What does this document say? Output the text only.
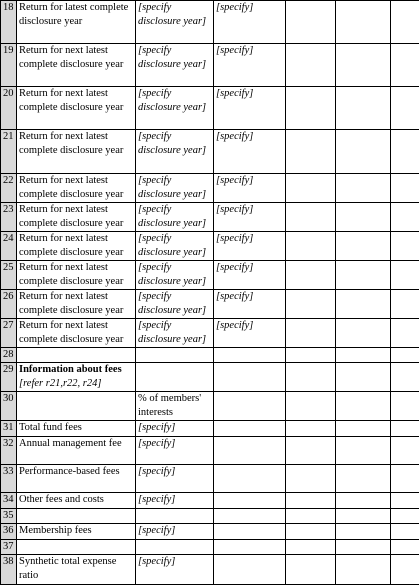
18	Return for latest complete disclosure year	[specify disclosure year]	[specify]			
19	Return for next latest complete disclosure year	[specify disclosure year]	[specify]			
20	Return for next latest complete disclosure year	[specify disclosure year]	[specify]			
21	Return for next latest complete disclosure year	[specify disclosure year]	[specify]			
22	Return for next latest complete disclosure year	[specify disclosure year]	[specify]			
23	Return for next latest complete disclosure year	[specify disclosure year]	[specify]			
24	Return for next latest complete disclosure year	[specify disclosure year]	[specify]			
25	Return for next latest complete disclosure year	[specify disclosure year]	[specify]			
26	Return for next latest complete disclosure year	[specify disclosure year]	[specify]			
27	Return for next latest complete disclosure year	[specify disclosure year]	[specify]			
28						
29	Information about fees [refer r21,r22, r24]					
30		% of members' interests				
31	Total fund fees	[specify]				
32	Annual management fee	[specify]				
33	Performance-based fees	[specify]				
34	Other fees and costs	[specify]				
35						
36	Membership fees	[specify]				
37						
38	Synthetic total expense ratio	[specify]				
